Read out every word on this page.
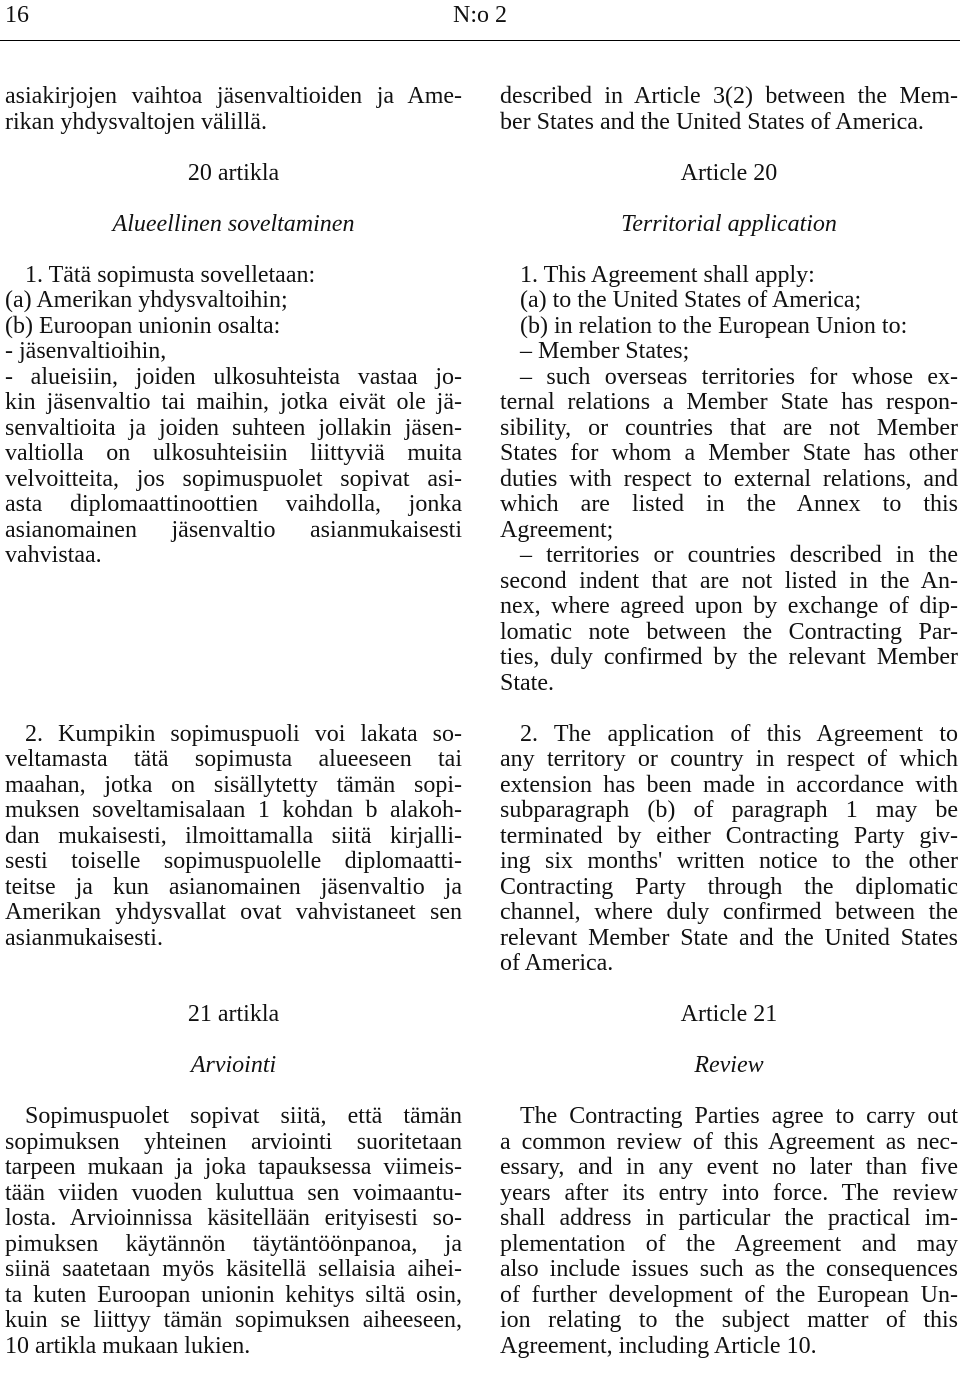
16	N:o 2
asiakirjojen vaihtoa jäsenvaltioiden ja Ame-
rikan yhdysvaltojen välillä.
described in Article 3(2) between the Mem-
ber States and the United States of America.
20 artikla	Article 20
Alueellinen soveltaminen	Territorial application
1. Tätä sopimusta sovelletaan:
(a) Amerikan yhdysvaltoihin;
(b) Euroopan unionin osalta:
- jäsenvaltioihin,
- alueisiin, joiden ulkosuhteista vastaa jo-
kin jäsenvaltio tai maihin, jotka eivät ole jä-
senvaltioita ja joiden suhteen jollakin jäsen-
valtiolla on ulkosuhteisiin liittyviä muita
velvoitteita, jos sopimuspuolet sopivat asi-
asta diplomaattinoottien vaihdolla, jonka
asianomainen jäsenvaltio asianmukaisesti
vahvistaa.
1. This Agreement shall apply:
(a) to the United States of America;
(b) in relation to the European Union to:
– Member States;
– such overseas territories for whose ex-
ternal relations a Member State has respon-
sibility, or countries that are not Member
States for whom a Member State has other
duties with respect to external relations, and
which are listed in the Annex to this
Agreement;
– territories or countries described in the
second indent that are not listed in the An-
nex, where agreed upon by exchange of dip-
lomatic note between the Contracting Par-
ties, duly confirmed by the relevant Member
State.
2. Kumpikin sopimuspuoli voi lakata so-
veltamasta tätä sopimusta alueeseen tai
maahan, jotka on sisällytetty tämän sopi-
muksen soveltamisalaan 1 kohdan b alakoh-
dan mukaisesti, ilmoittamalla siitä kirjalli-
sesti toiselle sopimuspuolelle diplomaatti-
teitse ja kun asianomainen jäsenvaltio ja
Amerikan yhdysvallat ovat vahvistaneet sen
asianmukaisesti.
2. The application of this Agreement to
any territory or country in respect of which
extension has been made in accordance with
subparagraph (b) of paragraph 1 may be
terminated by either Contracting Party giv-
ing six months' written notice to the other
Contracting Party through the diplomatic
channel, where duly confirmed between the
relevant Member State and the United States
of America.
21 artikla	Article 21
Arviointi	Review
Sopimuspuolet sopivat siitä, että tämän
sopimuksen yhteinen arviointi suoritetaan
tarpeen mukaan ja joka tapauksessa viimeis-
tään viiden vuoden kuluttua sen voimaantu-
losta. Arvioinnissa käsitellään erityisesti so-
pimuksen käytännön täytäntöönpanoa, ja
siinä saatetaan myös käsitellä sellaisia aihei-
ta kuten Euroopan unionin kehitys siltä osin,
kuin se liittyy tämän sopimuksen aiheeseen,
10 artikla mukaan lukien.
The Contracting Parties agree to carry out
a common review of this Agreement as nec-
essary, and in any event no later than five
years after its entry into force. The review
shall address in particular the practical im-
plementation of the Agreement and may
also include issues such as the consequences
of further development of the European Un-
ion relating to the subject matter of this
Agreement, including Article 10.
